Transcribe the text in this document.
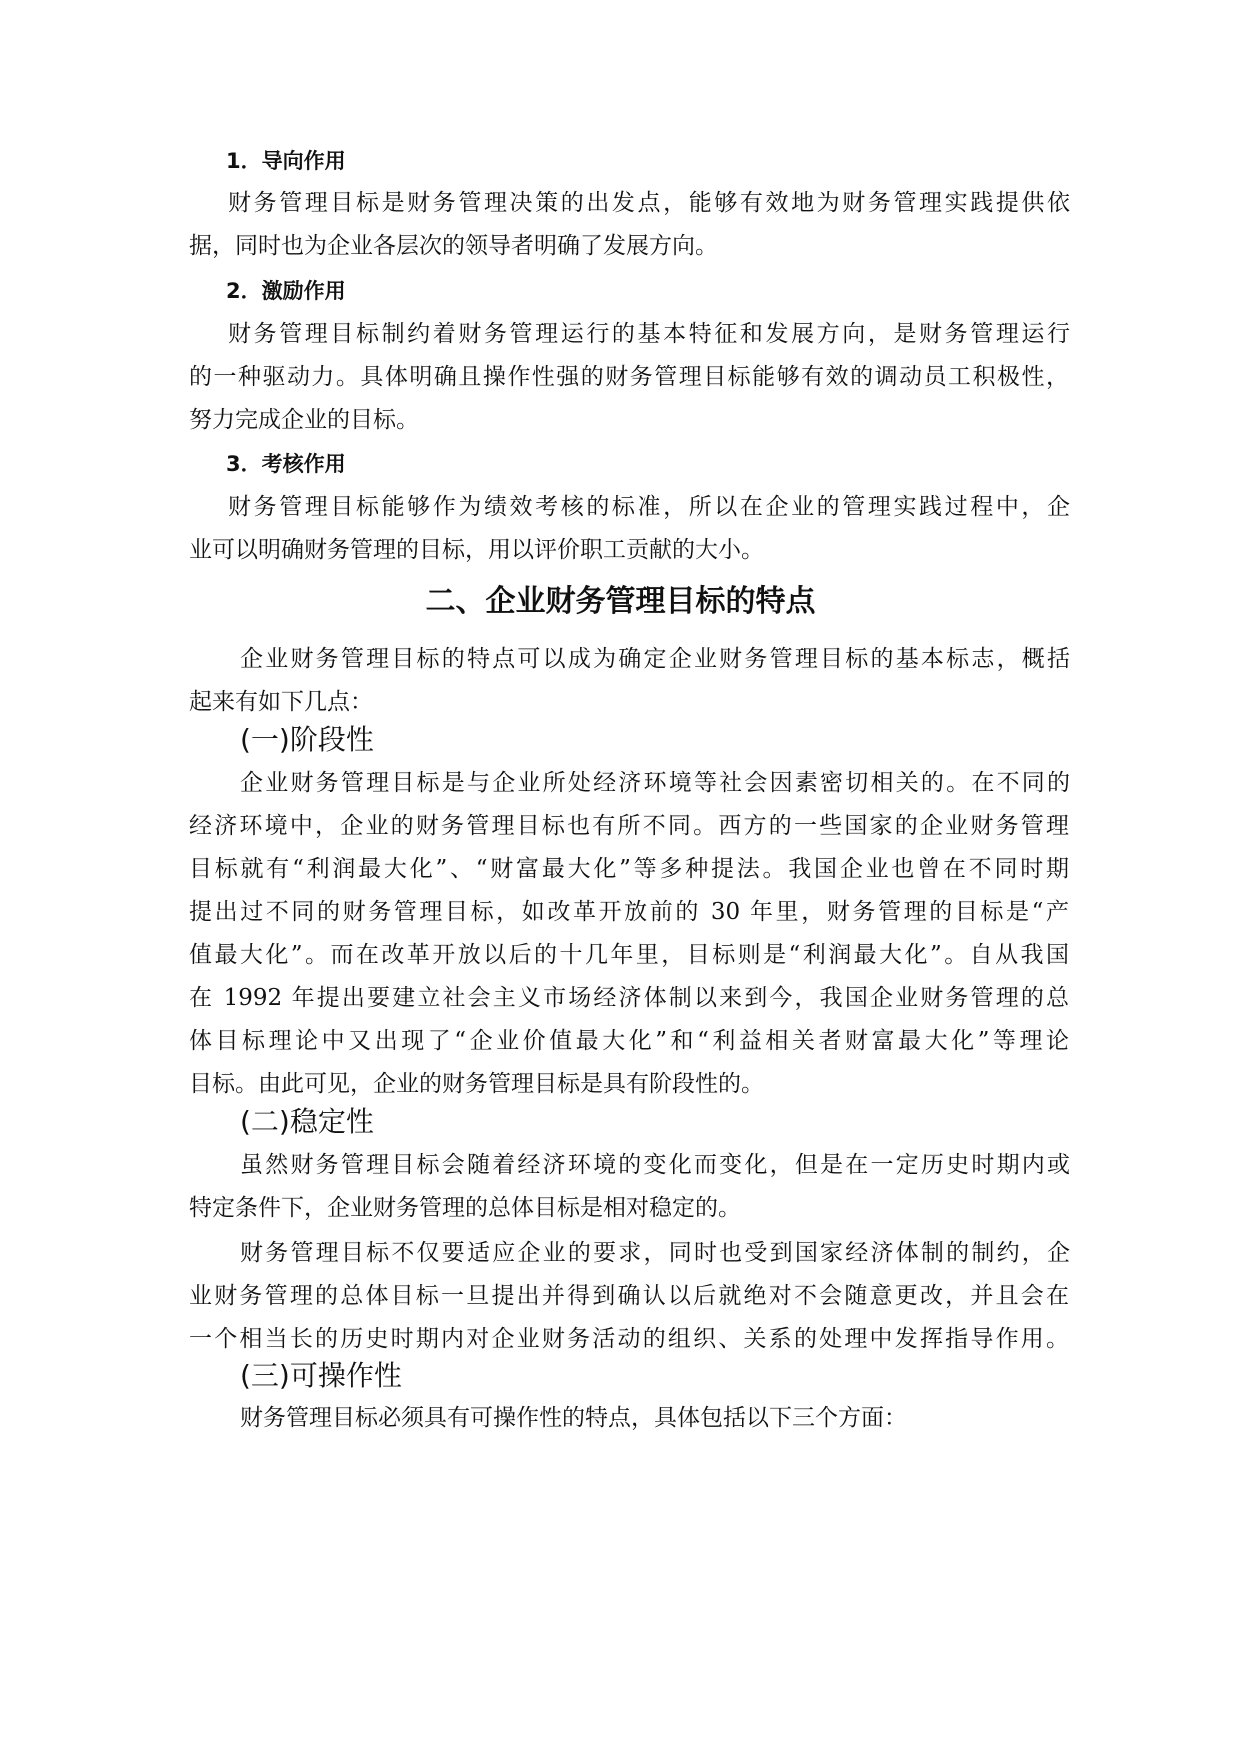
1．导向作用
财务管理目标是财务管理决策的出发点，能够有效地为财务管理实践提供依
据，同时也为企业各层次的领导者明确了发展方向。
2．激励作用
财务管理目标制约着财务管理运行的基本特征和发展方向，是财务管理运行
的一种驱动力。具体明确且操作性强的财务管理目标能够有效的调动员工积极性，
努力完成企业的目标。
3．考核作用
财务管理目标能够作为绩效考核的标准，所以在企业的管理实践过程中，企
业可以明确财务管理的目标，用以评价职工贡献的大小。
二、企业财务管理目标的特点
企业财务管理目标的特点可以成为确定企业财务管理目标的基本标志，概括
起来有如下几点：
(一)阶段性
企业财务管理目标是与企业所处经济环境等社会因素密切相关的。在不同的
经济环境中，企业的财务管理目标也有所不同。西方的一些国家的企业财务管理
目标就有“利润最大化”、“财富最大化”等多种提法。我国企业也曾在不同时期
提出过不同的财务管理目标，如改革开放前的 30 年里，财务管理的目标是“产
值最大化”。而在改革开放以后的十几年里，目标则是“利润最大化”。自从我国
在 1992 年提出要建立社会主义市场经济体制以来到今，我国企业财务管理的总
体目标理论中又出现了“企业价值最大化”和“利益相关者财富最大化”等理论
目标。由此可见，企业的财务管理目标是具有阶段性的。
(二)稳定性
虽然财务管理目标会随着经济环境的变化而变化，但是在一定历史时期内或
特定条件下，企业财务管理的总体目标是相对稳定的。
财务管理目标不仅要适应企业的要求，同时也受到国家经济体制的制约，企
业财务管理的总体目标一旦提出并得到确认以后就绝对不会随意更改，并且会在
一个相当长的历史时期内对企业财务活动的组织、关系的处理中发挥指导作用。
(三)可操作性
财务管理目标必须具有可操作性的特点，具体包括以下三个方面：
